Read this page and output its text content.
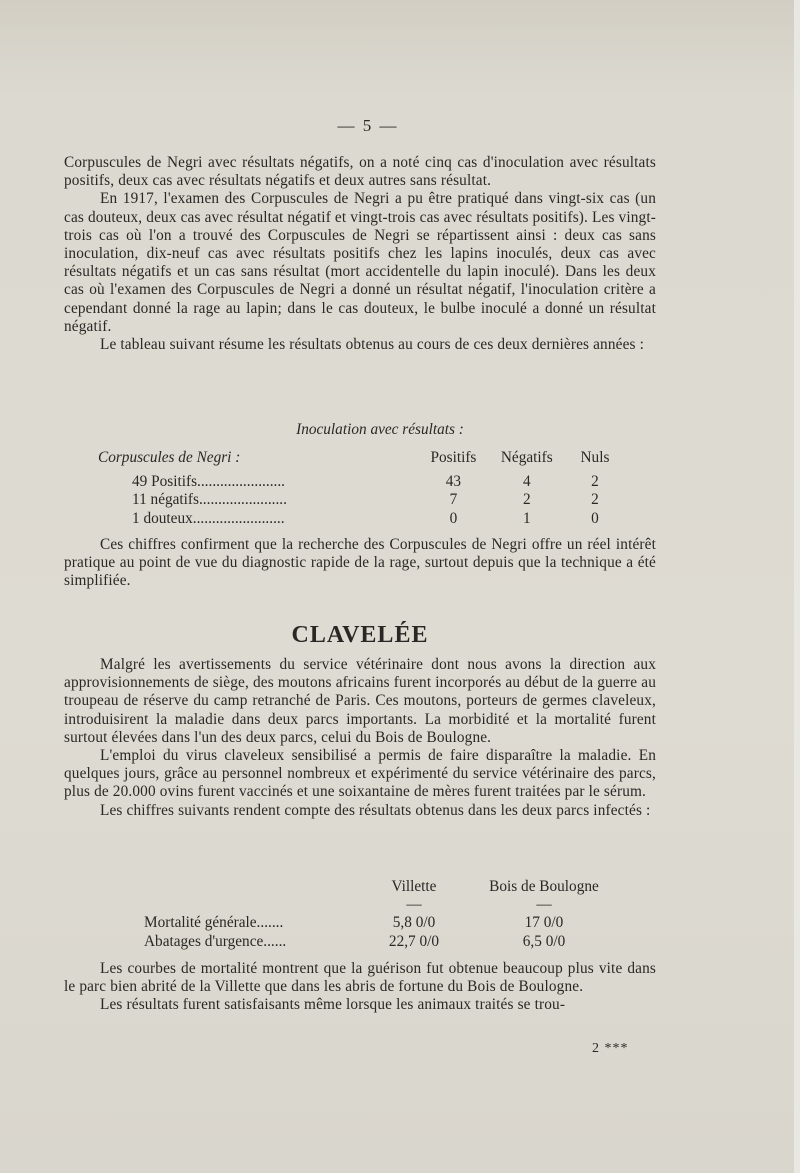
— 5 —

Corpuscules de Negri avec résultats négatifs, on a noté cinq cas d'inoculation avec résultats positifs, deux cas avec résultats négatifs et deux autres sans résultat.

En 1917, l'examen des Corpuscules de Negri a pu être pratiqué dans vingt-six cas (un cas douteux, deux cas avec résultat négatif et vingt-trois cas avec résultats positifs). Les vingt-trois cas où l'on a trouvé des Corpuscules de Negri se répartissent ainsi : deux cas sans inoculation, dix-neuf cas avec résultats positifs chez les lapins inoculés, deux cas avec résultats négatifs et un cas sans résultat (mort accidentelle du lapin inoculé). Dans les deux cas où l'examen des Corpuscules de Negri a donné un résultat négatif, l'inoculation critère a cependant donné la rage au lapin; dans le cas douteux, le bulbe inoculé a donné un résultat négatif.

Le tableau suivant résume les résultats obtenus au cours de ces deux dernières années :

Inoculation avec résultats :
Corpuscules de Negri :	Positifs	Négatifs	Nuls

49 Positifs.......................	43	4	2
11 négatifs.......................	7	2	2
1 douteux........................	0	1	0

Ces chiffres confirment que la recherche des Corpuscules de Negri offre un réel intérêt pratique au point de vue du diagnostic rapide de la rage, surtout depuis que la technique a été simplifiée.

CLAVELÉE

Malgré les avertissements du service vétérinaire dont nous avons la direction aux approvisionnements de siège, des moutons africains furent incorporés au début de la guerre au troupeau de réserve du camp retranché de Paris. Ces moutons, porteurs de germes claveleux, introduisirent la maladie dans deux parcs importants. La morbidité et la mortalité furent surtout élevées dans l'un des deux parcs, celui du Bois de Boulogne.

L'emploi du virus claveleux sensibilisé a permis de faire disparaître la maladie. En quelques jours, grâce au personnel nombreux et expérimenté du service vétérinaire des parcs, plus de 20.000 ovins furent vaccinés et une soixantaine de mères furent traitées par le sérum.

Les chiffres suivants rendent compte des résultats obtenus dans les deux parcs infectés :

	Villette	Bois de Boulogne
	—	—
Mortalité générale.......	5,8 0/0	17 0/0
Abatages d'urgence......	22,7 0/0	6,5 0/0

Les courbes de mortalité montrent que la guérison fut obtenue beaucoup plus vite dans le parc bien abrité de la Villette que dans les abris de fortune du Bois de Boulogne.

Les résultats furent satisfaisants même lorsque les animaux traités se trou-

2 ***
